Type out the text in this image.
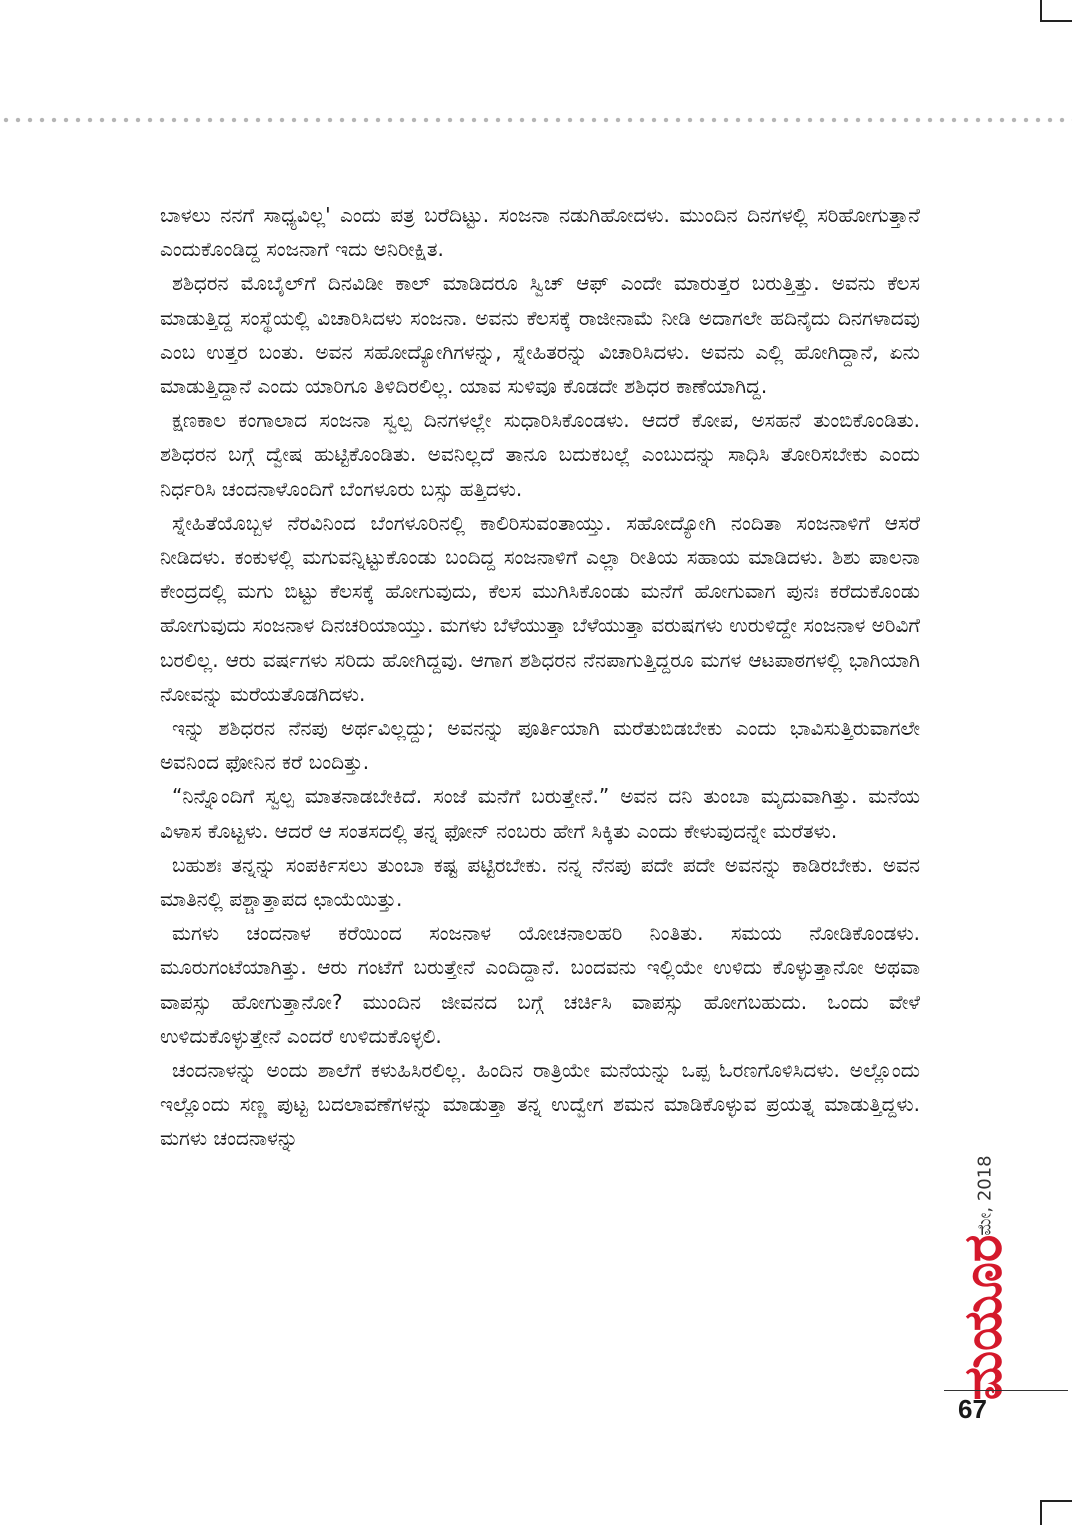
ಬಾಳಲು ನನಗೆ ಸಾಧ್ಯವಿಲ್ಲ' ಎಂದು ಪತ್ರ ಬರೆದಿಟ್ಟು. ಸಂಜನಾ ನಡುಗಿಹೋದಳು. ಮುಂದಿನ ದಿನಗಳಲ್ಲಿ ಸರಿಹೋಗುತ್ತಾನೆ ಎಂದುಕೊಂಡಿದ್ದ ಸಂಜನಾಗೆ ಇದು ಅನಿರೀಕ್ಷಿತ.

ಶಶಿಧರನ ಮೊಬೈಲ್‌ಗೆ ದಿನವಿಡೀ ಕಾಲ್ ಮಾಡಿದರೂ ಸ್ವಿಚ್ ಆಫ್ ಎಂದೇ ಮಾರುತ್ತರ ಬರುತ್ತಿತ್ತು. ಅವನು ಕೆಲಸ ಮಾಡುತ್ತಿದ್ದ ಸಂಸ್ಥೆಯಲ್ಲಿ ವಿಚಾರಿಸಿದಳು ಸಂಜನಾ. ಅವನು ಕೆಲಸಕ್ಕೆ ರಾಜೀನಾಮೆ ನೀಡಿ ಅದಾಗಲೇ ಹದಿನೈದು ದಿನಗಳಾದವು ಎಂಬ ಉತ್ತರ ಬಂತು. ಅವನ ಸಹೋದ್ಯೋಗಿಗಳನ್ನು, ಸ್ನೇಹಿತರನ್ನು ವಿಚಾರಿಸಿದಳು. ಅವನು ಎಲ್ಲಿ ಹೋಗಿದ್ದಾನೆ, ಏನು ಮಾಡುತ್ತಿದ್ದಾನೆ ಎಂದು ಯಾರಿಗೂ ತಿಳಿದಿರಲಿಲ್ಲ. ಯಾವ ಸುಳಿವೂ ಕೊಡದೇ ಶಶಿಧರ ಕಾಣೆಯಾಗಿದ್ದ.

ಕ್ಷಣಕಾಲ ಕಂಗಾಲಾದ ಸಂಜನಾ ಸ್ವಲ್ಪ ದಿನಗಳಲ್ಲೇ ಸುಧಾರಿಸಿಕೊಂಡಳು. ಆದರೆ ಕೋಪ, ಅಸಹನೆ ತುಂಬಿಕೊಂಡಿತು. ಶಶಿಧರನ ಬಗ್ಗೆ ದ್ವೇಷ ಹುಟ್ಟಿಕೊಂಡಿತು. ಅವನಿಲ್ಲದೆ ತಾನೂ ಬದುಕಬಲ್ಲೆ ಎಂಬುದನ್ನು ಸಾಧಿಸಿ ತೋರಿಸಬೇಕು ಎಂದು ನಿರ್ಧರಿಸಿ ಚಂದನಾಳೊಂದಿಗೆ ಬೆಂಗಳೂರು ಬಸ್ಸು ಹತ್ತಿದಳು.

ಸ್ನೇಹಿತೆಯೊಬ್ಬಳ ನೆರವಿನಿಂದ ಬೆಂಗಳೂರಿನಲ್ಲಿ ಕಾಲಿರಿಸುವಂತಾಯ್ತು. ಸಹೋದ್ಯೋಗಿ ನಂದಿತಾ ಸಂಜನಾಳಿಗೆ ಆಸರೆ ನೀಡಿದಳು. ಕಂಕುಳಲ್ಲಿ ಮಗುವನ್ನಿಟ್ಟುಕೊಂಡು ಬಂದಿದ್ದ ಸಂಜನಾಳಿಗೆ ಎಲ್ಲಾ ರೀತಿಯ ಸಹಾಯ ಮಾಡಿದಳು. ಶಿಶು ಪಾಲನಾ ಕೇಂದ್ರದಲ್ಲಿ ಮಗು ಬಿಟ್ಟು ಕೆಲಸಕ್ಕೆ ಹೋಗುವುದು, ಕೆಲಸ ಮುಗಿಸಿಕೊಂಡು ಮನೆಗೆ ಹೋಗುವಾಗ ಪುನಃ ಕರೆದುಕೊಂಡು ಹೋಗುವುದು ಸಂಜನಾಳ ದಿನಚರಿಯಾಯ್ತು. ಮಗಳು ಬೆಳೆಯುತ್ತಾ ಬೆಳೆಯುತ್ತಾ ವರುಷಗಳು ಉರುಳಿದ್ದೇ ಸಂಜನಾಳ ಅರಿವಿಗೆ ಬರಲಿಲ್ಲ. ಆರು ವರ್ಷಗಳು ಸರಿದು ಹೋಗಿದ್ದವು. ಆಗಾಗ ಶಶಿಧರನ ನೆನಪಾಗುತ್ತಿದ್ದರೂ ಮಗಳ ಆಟಪಾಠಗಳಲ್ಲಿ ಭಾಗಿಯಾಗಿ ನೋವನ್ನು ಮರೆಯತೊಡಗಿದಳು.

ಇನ್ನು ಶಶಿಧರನ ನೆನಪು ಅರ್ಥವಿಲ್ಲದ್ದು; ಅವನನ್ನು ಪೂರ್ತಿಯಾಗಿ ಮರೆತುಬಿಡಬೇಕು ಎಂದು ಭಾವಿಸುತ್ತಿರುವಾಗಲೇ ಅವನಿಂದ ಫೋನಿನ ಕರೆ ಬಂದಿತ್ತು.

“ನಿನ್ನೊಂದಿಗೆ ಸ್ವಲ್ಪ ಮಾತನಾಡಬೇಕಿದೆ. ಸಂಜೆ ಮನೆಗೆ ಬರುತ್ತೇನೆ.” ಅವನ ದನಿ ತುಂಬಾ ಮೃದುವಾಗಿತ್ತು. ಮನೆಯ ವಿಳಾಸ ಕೊಟ್ಟಳು. ಆದರೆ ಆ ಸಂತಸದಲ್ಲಿ ತನ್ನ ಫೋನ್ ನಂಬರು ಹೇಗೆ ಸಿಕ್ಕಿತು ಎಂದು ಕೇಳುವುದನ್ನೇ ಮರೆತಳು.

ಬಹುಶಃ ತನ್ನನ್ನು ಸಂಪರ್ಕಿಸಲು ತುಂಬಾ ಕಷ್ಟ ಪಟ್ಟಿರಬೇಕು. ನನ್ನ ನೆನಪು ಪದೇ ಪದೇ ಅವನನ್ನು ಕಾಡಿರಬೇಕು. ಅವನ ಮಾತಿನಲ್ಲಿ ಪಶ್ಚಾತ್ತಾಪದ ಛಾಯೆಯಿತ್ತು.

ಮಗಳು ಚಂದನಾಳ ಕರೆಯಿಂದ ಸಂಜನಾಳ ಯೋಚನಾಲಹರಿ ನಿಂತಿತು. ಸಮಯ ನೋಡಿಕೊಂಡಳು. ಮೂರುಗಂಟೆಯಾಗಿತ್ತು. ಆರು ಗಂಟೆಗೆ ಬರುತ್ತೇನೆ ಎಂದಿದ್ದಾನೆ. ಬಂದವನು ಇಲ್ಲಿಯೇ ಉಳಿದು ಕೊಳ್ಳುತ್ತಾನೋ ಅಥವಾ ವಾಪಸ್ಸು ಹೋಗುತ್ತಾನೋ? ಮುಂದಿನ ಜೀವನದ ಬಗ್ಗೆ ಚರ್ಚಿಸಿ ವಾಪಸ್ಸು ಹೋಗಬಹುದು. ಒಂದು ವೇಳೆ ಉಳಿದುಕೊಳ್ಳುತ್ತೇನೆ ಎಂದರೆ ಉಳಿದುಕೊಳ್ಳಲಿ.

ಚಂದನಾಳನ್ನು ಅಂದು ಶಾಲೆಗೆ ಕಳುಹಿಸಿರಲಿಲ್ಲ. ಹಿಂದಿನ ರಾತ್ರಿಯೇ ಮನೆಯನ್ನು ಒಪ್ಪ ಓರಣಗೊಳಿಸಿದಳು. ಅಲ್ಲೊಂದು ಇಲ್ಲೊಂದು ಸಣ್ಣ ಪುಟ್ಟ ಬದಲಾವಣೆಗಳನ್ನು ಮಾಡುತ್ತಾ ತನ್ನ ಉದ್ವೇಗ ಶಮನ ಮಾಡಿಕೊಳ್ಳುವ ಪ್ರಯತ್ನ ಮಾಡುತ್ತಿದ್ದಳು. ಮಗಳು ಚಂದನಾಳನ್ನು

ಮೇ, 2018
ಮಯೂರ
67
